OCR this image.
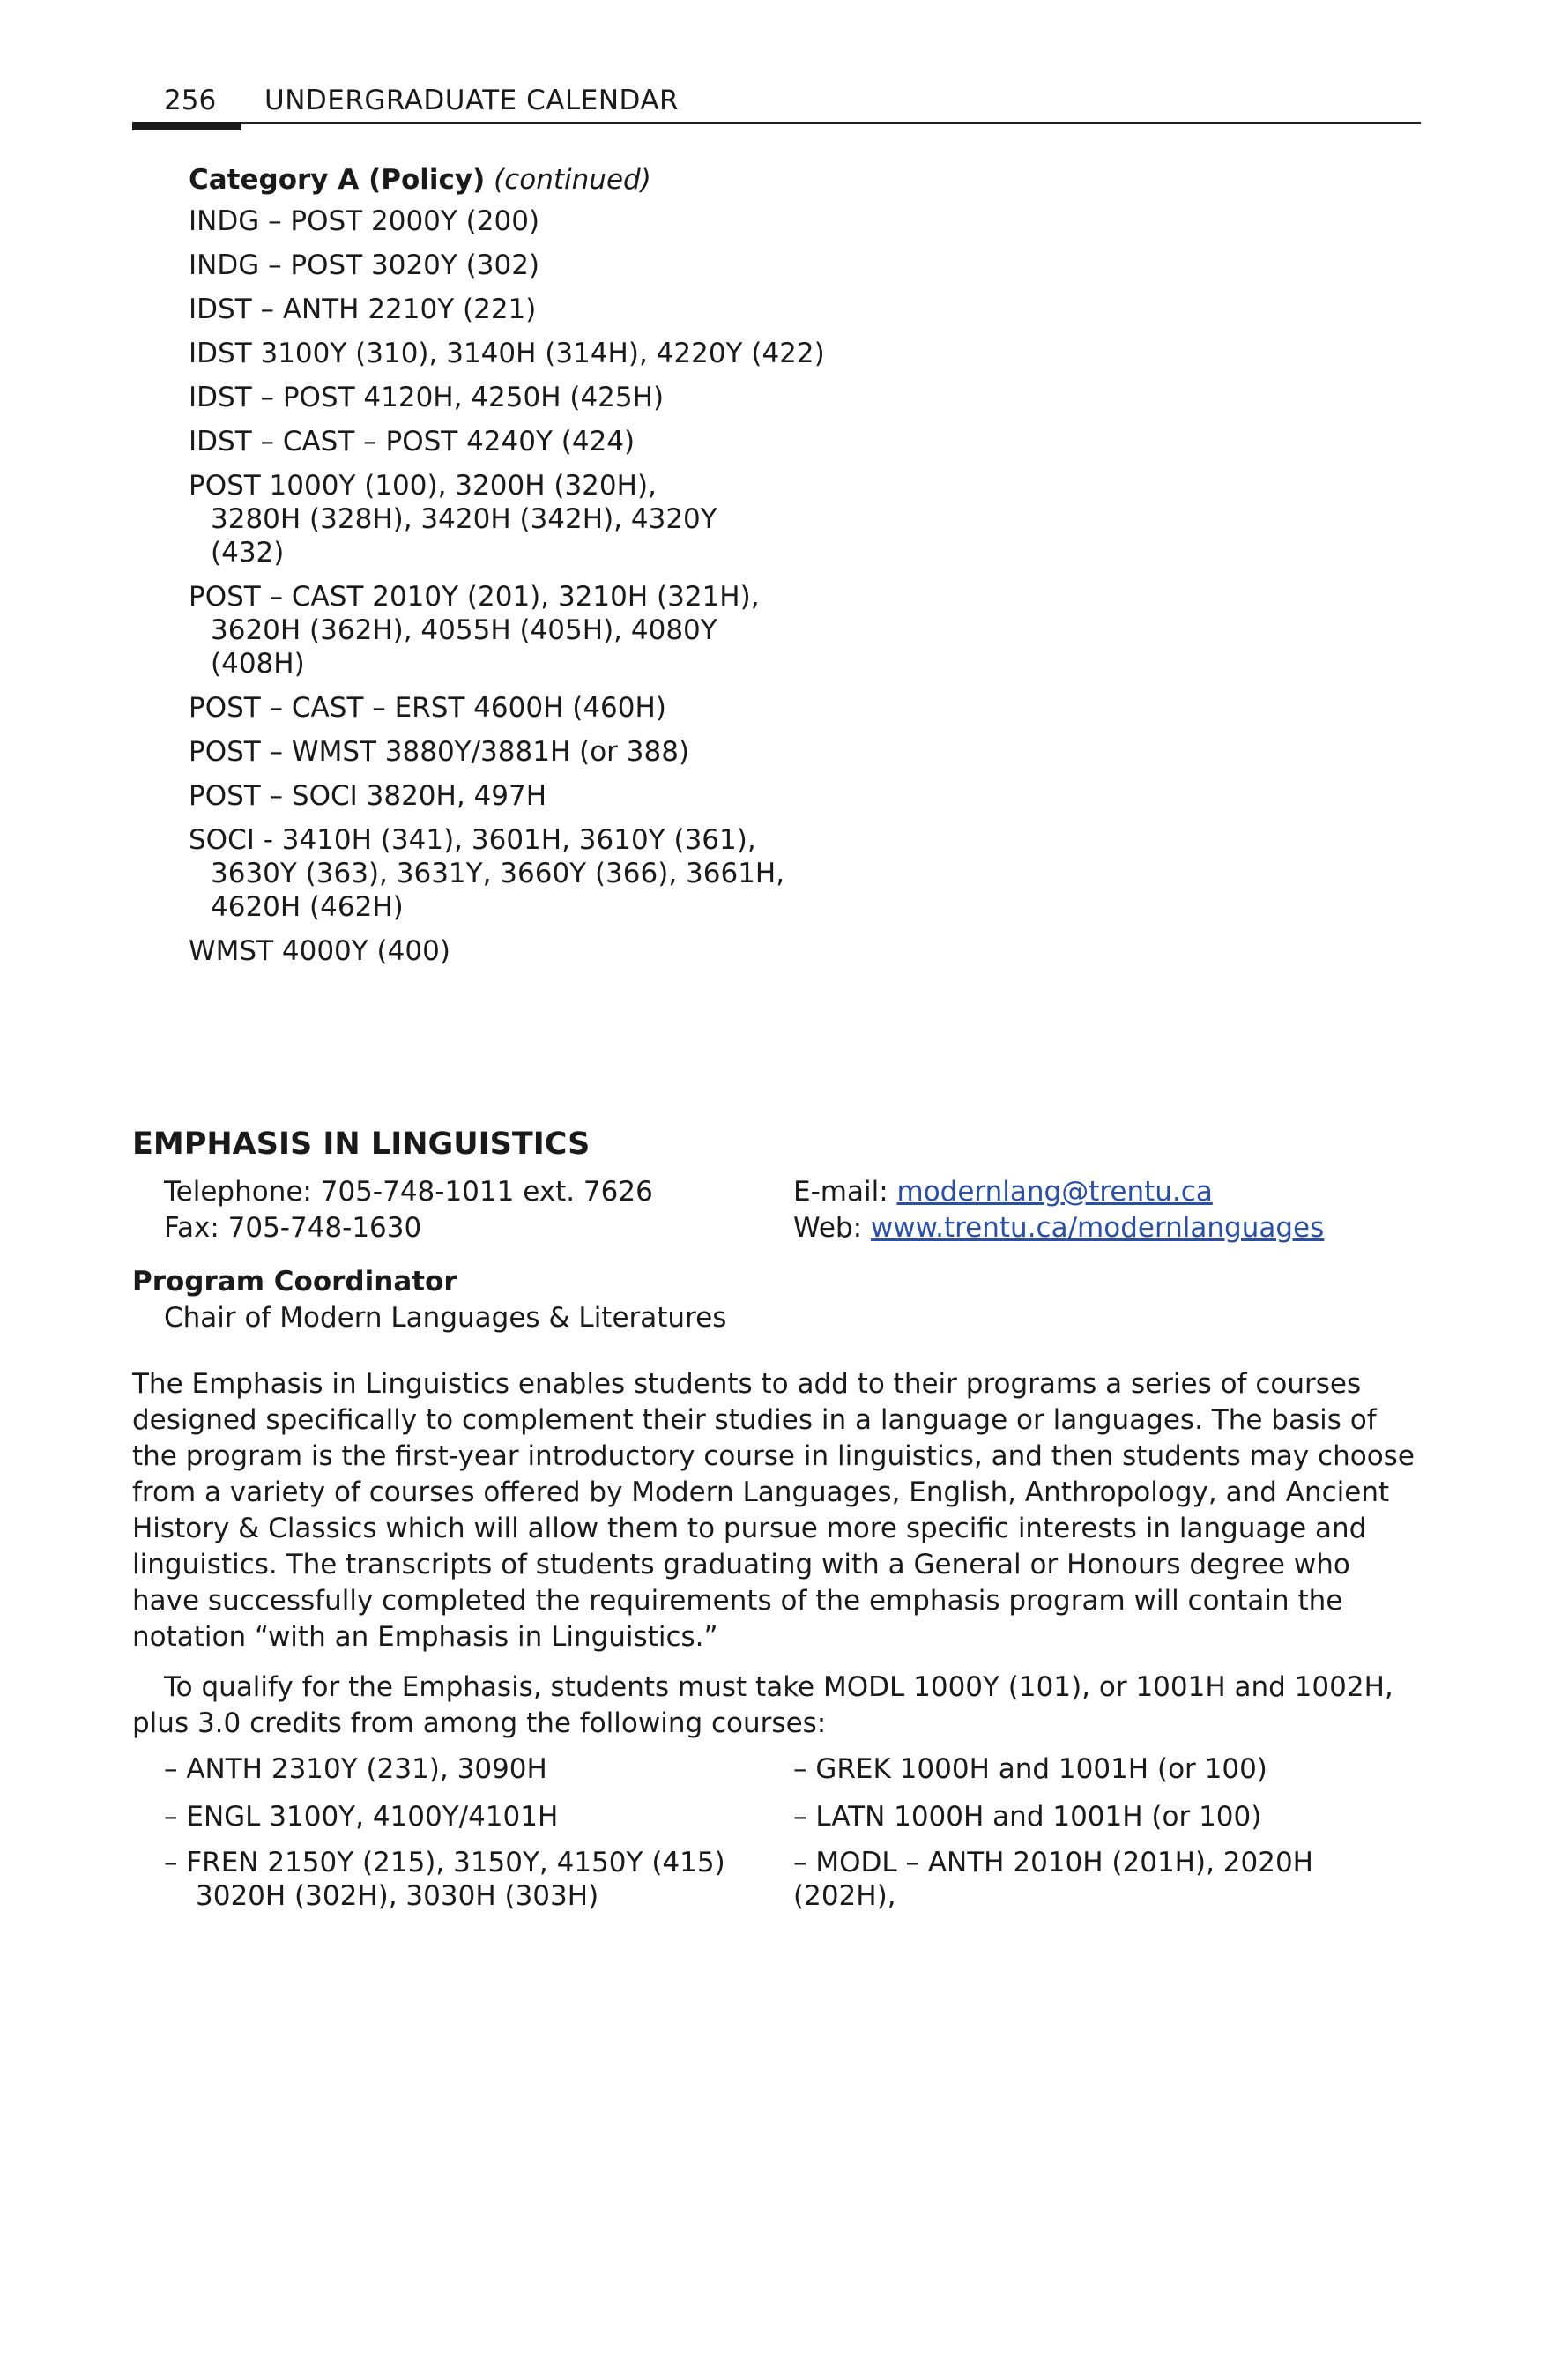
256 UNDERGRADUATE CALENDAR
Category A (Policy) (continued)
INDG – POST 2000Y (200)
INDG – POST 3020Y (302)
IDST – ANTH 2210Y (221)
IDST 3100Y (310), 3140H (314H), 4220Y (422)
IDST – POST 4120H, 4250H (425H)
IDST – CAST – POST 4240Y (424)
POST 1000Y (100), 3200H (320H), 3280H (328H), 3420H (342H), 4320Y (432)
POST – CAST 2010Y (201), 3210H (321H), 3620H (362H), 4055H (405H), 4080Y (408H)
POST – CAST – ERST 4600H (460H)
POST – WMST 3880Y/3881H (or 388)
POST – SOCI 3820H, 497H
SOCI - 3410H (341), 3601H, 3610Y (361), 3630Y (363), 3631Y, 3660Y (366), 3661H, 4620H (462H)
WMST 4000Y (400)
EMPHASIS IN LINGUISTICS
Telephone: 705-748-1011 ext. 7626
Fax: 705-748-1630
E-mail: modernlang@trentu.ca
Web: www.trentu.ca/modernlanguages
Program Coordinator
Chair of Modern Languages & Literatures

The Emphasis in Linguistics enables students to add to their programs a series of courses designed specifically to complement their studies in a language or languages. The basis of the program is the first-year introductory course in linguistics, and then students may choose from a variety of courses offered by Modern Languages, English, Anthropology, and Ancient History & Classics which will allow them to pursue more specific interests in language and linguistics. The transcripts of students graduating with a General or Honours degree who have successfully completed the requirements of the emphasis program will contain the notation “with an Emphasis in Linguistics.”

To qualify for the Emphasis, students must take MODL 1000Y (101), or 1001H and 1002H, plus 3.0 credits from among the following courses:

– ANTH 2310Y (231), 3090H
– ENGL 3100Y, 4100Y/4101H
– FREN 2150Y (215), 3150Y, 4150Y (415)
3020H (302H), 3030H (303H)
– GREK 1000H and 1001H (or 100)
– LATN 1000H and 1001H (or 100)
– MODL – ANTH 2010H (201H), 2020H (202H),
